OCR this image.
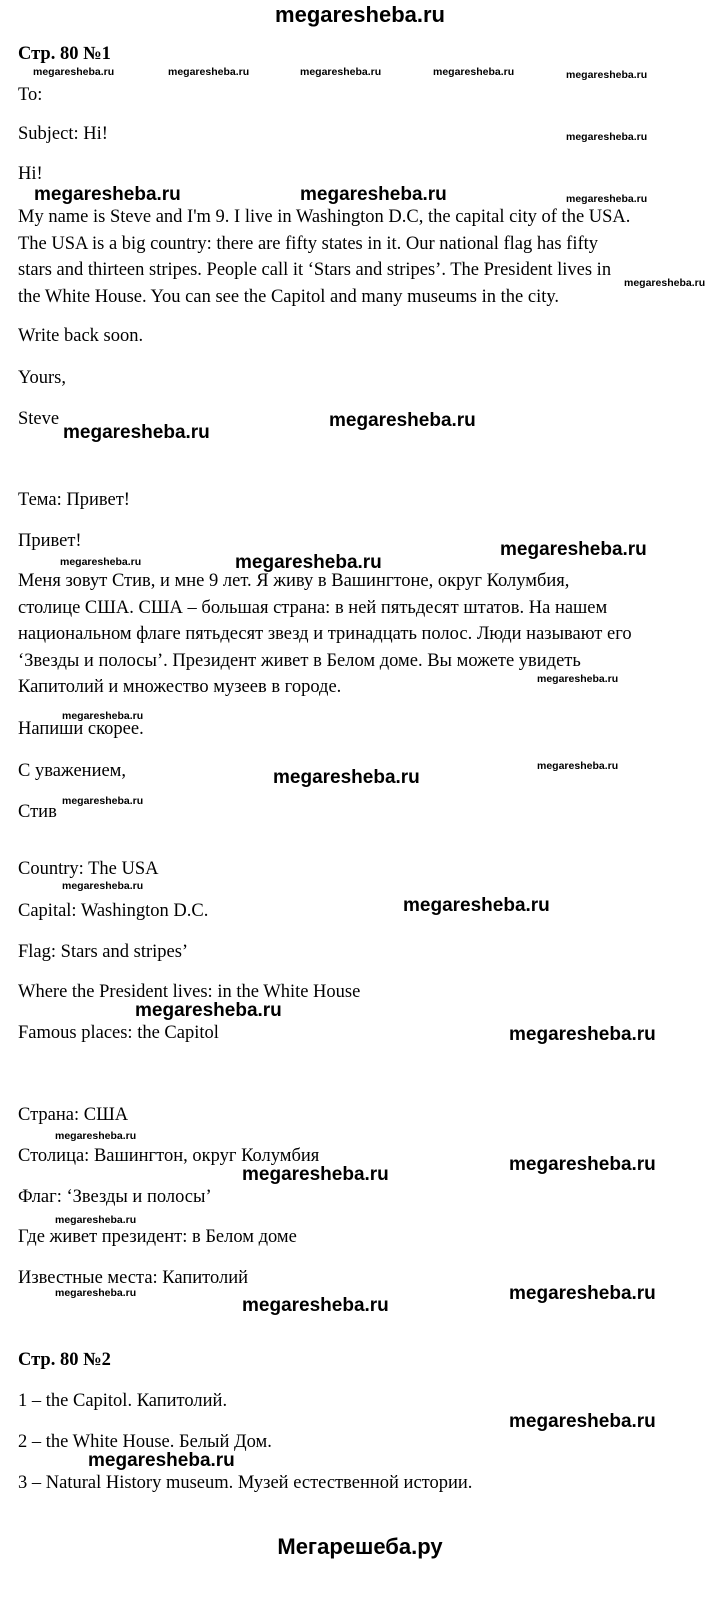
megaresheba.ru
Стр. 80 №1
To:
Subject: Hi!
Hi!
My name is Steve and I'm 9. I live in Washington D.C, the capital city of the USA.
The USA is a big country: there are fifty states in it. Our national flag has fifty
stars and thirteen stripes. People call it ‘Stars and stripes’. The President lives in
the White House. You can see the Capitol and many museums in the city.
Write back soon.
Yours,
Steve
Тема: Привет!
Привет!
Меня зовут Стив, и мне 9 лет. Я живу в Вашингтоне, округ Колумбия,
столице США. США – большая страна: в ней пятьдесят штатов. На нашем
национальном флаге пятьдесят звезд и тринадцать полос. Люди называют его
‘Звезды и полосы’. Президент живет в Белом доме. Вы можете увидеть
Капитолий и множество музеев в городе.
Напиши скорее.
С уважением,
Стив
Country: The USA
Capital: Washington D.C.
Flag: Stars and stripes’
Where the President lives: in the White House
Famous places: the Capitol
Страна: США
Столица: Вашингтон, округ Колумбия
Флаг: ‘Звезды и полосы’
Где живет президент: в Белом доме
Известные места: Капитолий
Стр. 80 №2
1 – the Capitol. Капитолий.
2 – the White House. Белый Дом.
3 – Natural History museum. Музей естественной истории.
megaresheba.ru	megaresheba.ru	megaresheba.ru	megaresheba.ru	megaresheba.ru
megaresheba.ru
megaresheba.ru
megaresheba.ru
megaresheba.ru
megaresheba.ru
megaresheba.ru
megaresheba.ru
megaresheba.ru
megaresheba.ru
megaresheba.ru
megaresheba.ru
megaresheba.ru
megaresheba.ru	megaresheba.ru
megaresheba.ru
megaresheba.ru
megaresheba.ru
megaresheba.ru
megaresheba.ru
megaresheba.ru
megaresheba.ru
megaresheba.ru
megaresheba.ru	megaresheba.ru
megaresheba.ru
megaresheba.ru
megaresheba.ru
megaresheba.ru
Мегарешеба.ру
